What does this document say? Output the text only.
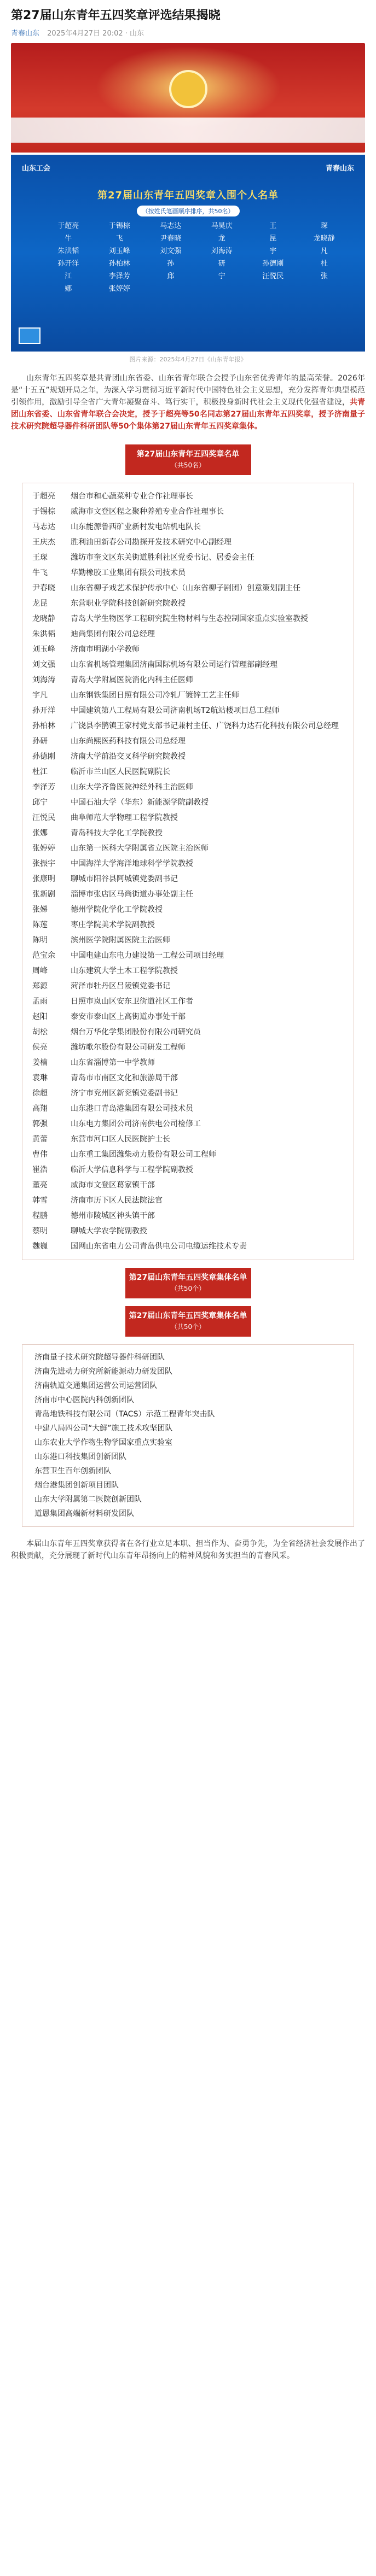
第27届山东青年五四奖章评选结果揭晓
青春山东 2025年4月27日 20:02 · 山东
山东工会	青春山东
第27届山东青年五四奖章入围个人名单
（按姓氏笔画顺序排序，共50名）
于超亮	于锡棕	马志达	马昊庆	王	琛
牛	飞	尹春晓	龙	昆	龙晓静
朱洪韬	刘玉峰	刘文强	刘海涛	宇	凡
孙开洋	孙柏林	孙	研	孙德刚	杜
江	李泽芳	邱	宁	汪悦民	张
娜	张婷婷
图片来源：2025年4月27日《山东青年报》
山东青年五四奖章是共青团山东省委、山东省青年联合会授予山东省优秀青年的最高荣誉。2026年是“十五五”规划开局之年，为深入学习贯彻习近平新时代中国特色社会主义思想，充分发挥青年典型模范引领作用，激励引导全省广大青年凝聚奋斗、笃行实干，积极投身新时代社会主义现代化强省建设，共青团山东省委、山东省青年联合会决定，授予于超亮等50名同志第27届山东青年五四奖章，授予济南量子技术研究院超导器件科研团队等50个集体第27届山东青年五四奖章集体。
第27届山东青年五四奖章名单
（共50名）
于超亮	烟台市和心蔬菜种专业合作社理事长
于锡棕	威海市文登区程之聚种养殖专业合作社理事长
马志达	山东能源鲁西矿业新村发电站机电队长
王庆杰	胜利油田新春公司勘探开发技术研究中心副经理
王琛	潍坊市奎文区东关街道胜利社区党委书记、居委会主任
牛飞	华勤橡胶工业集团有限公司技术员
尹春晓	山东省柳子戏艺术保护传承中心（山东省柳子剧团）创意策划副主任
龙昆	东营职业学院科技创新研究院教授
龙晓静	青岛大学生物医学工程研究院生物材料与生态控制国家重点实验室教授
朱洪韬	迪尚集团有限公司总经理
刘玉峰	济南市明湖小学教师
刘文强	山东省机场管理集团济南国际机场有限公司运行管理部副经理
刘海涛	青岛大学附属医院消化内科主任医师
宇凡	山东钢铁集团日照有限公司冷轧厂镀锌工艺主任师
孙开洋	中国建筑第八工程局有限公司济南机场T2航站楼项目总工程师
孙柏林	广饶县李鹊镇王家村党支部书记兼村主任、广饶科力达石化科技有限公司总经理
孙研	山东尚熙医药科技有限公司总经理
孙德刚	济南大学前沿交叉科学研究院教授
杜江	临沂市兰山区人民医院副院长
李泽芳	山东大学齐鲁医院神经外科主治医师
邱宁	中国石油大学（华东）新能源学院副教授
汪悦民	曲阜师范大学物理工程学院教授
张娜	青岛科技大学化工学院教授
张婷婷	山东第一医科大学附属省立医院主治医师
张振宇	中国海洋大学海洋地球科学学院教授
张康明	聊城市阳谷县阿城镇党委副书记
张新剧	淄博市张店区马尚街道办事处副主任
张娣	德州学院化学化工学院教授
陈莲	枣庄学院美术学院副教授
陈明	滨州医学院附属医院主治医师
范宝余	中国电建山东电力建设第一工程公司项目经理
周峰	山东建筑大学土木工程学院教授
郑源	菏泽市牡丹区吕陵镇党委书记
孟雨	日照市岚山区安东卫街道社区工作者
赵阳	泰安市泰山区上高街道办事处干部
胡松	烟台万华化学集团股份有限公司研究员
侯亮	潍坊歌尔股份有限公司研发工程师
姜楠	山东省淄博第一中学教师
袁琳	青岛市市南区文化和旅游局干部
徐超	济宁市兖州区新兖镇党委副书记
高翔	山东港口青岛港集团有限公司技术员
郭强	山东电力集团公司济南供电公司检修工
黄蕾	东营市河口区人民医院护士长
曹伟	山东重工集团潍柴动力股份有限公司工程师
崔浩	临沂大学信息科学与工程学院副教授
董亮	威海市文登区葛家镇干部
韩雪	济南市历下区人民法院法官
程鹏	德州市陵城区神头镇干部
蔡明	聊城大学农学院副教授
魏巍	国网山东省电力公司青岛供电公司电缆运维技术专责
第27届山东青年五四奖章集体名单
（共50个）
第27届山东青年五四奖章集体名单
（共50个）
济南量子技术研究院超导器件科研团队
济南先进动力研究所新能源动力研发团队
济南轨道交通集团运营公司运营团队
济南市中心医院内科创新团队
青岛地铁科技有限公司（TACS）示范工程青年突击队
中建八局四公司“大鲜”施工技术攻坚团队
山东农业大学作物生物学国家重点实验室
山东港口科技集团创新团队
东营卫生百年创新团队
烟台港集团创新项目团队
山东大学附属第二医院创新团队
道恩集团高端新材料研发团队
本届山东青年五四奖章获得者在各行业立足本职、担当作为、奋勇争先，为全省经济社会发展作出了积极贡献，充分展现了新时代山东青年昂扬向上的精神风貌和务实担当的青春风采。
